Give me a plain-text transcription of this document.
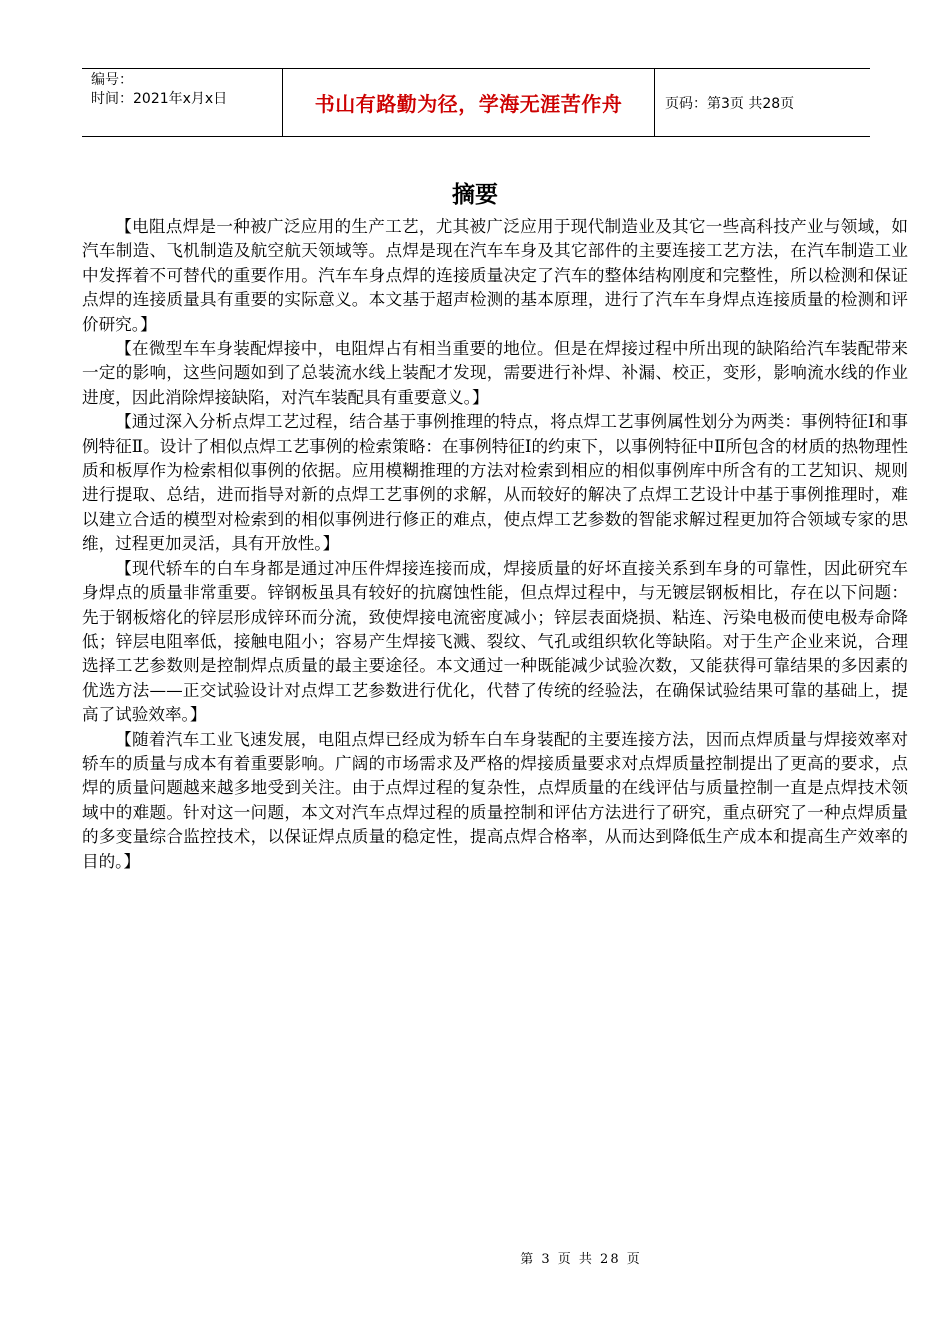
编号：
时间：2021年x月x日	书山有路勤为径，学海无涯苦作舟	页码：第3页 共28页
摘要

【电阻点焊是一种被广泛应用的生产工艺，尤其被广泛应用于现代制造业及其它一些高科技产业与领域，如汽车制造、飞机制造及航空航天领域等。点焊是现在汽车车身及其它部件的主要连接工艺方法，在汽车制造工业中发挥着不可替代的重要作用。汽车车身点焊的连接质量决定了汽车的整体结构刚度和完整性，所以检测和保证点焊的连接质量具有重要的实际意义。本文基于超声检测的基本原理，进行了汽车车身焊点连接质量的检测和评价研究。】

【在微型车车身装配焊接中，电阻焊占有相当重要的地位。但是在焊接过程中所出现的缺陷给汽车装配带来一定的影响，这些问题如到了总装流水线上装配才发现，需要进行补焊、补漏、校正，变形，影响流水线的作业进度，因此消除焊接缺陷，对汽车装配具有重要意义。】

【通过深入分析点焊工艺过程，结合基于事例推理的特点，将点焊工艺事例属性划分为两类：事例特征Ⅰ和事例特征Ⅱ。设计了相似点焊工艺事例的检索策略：在事例特征Ⅰ的约束下，以事例特征中Ⅱ所包含的材质的热物理性质和板厚作为检索相似事例的依据。应用模糊推理的方法对检索到相应的相似事例库中所含有的工艺知识、规则进行提取、总结，进而指导对新的点焊工艺事例的求解，从而较好的解决了点焊工艺设计中基于事例推理时，难以建立合适的模型对检索到的相似事例进行修正的难点，使点焊工艺参数的智能求解过程更加符合领域专家的思维，过程更加灵活，具有开放性。】

【现代轿车的白车身都是通过冲压件焊接连接而成，焊接质量的好坏直接关系到车身的可靠性，因此研究车身焊点的质量非常重要。锌钢板虽具有较好的抗腐蚀性能，但点焊过程中，与无镀层钢板相比，存在以下问题：先于钢板熔化的锌层形成锌环而分流，致使焊接电流密度减小；锌层表面烧损、粘连、污染电极而使电极寿命降低；锌层电阻率低，接触电阻小；容易产生焊接飞溅、裂纹、气孔或组织软化等缺陷。对于生产企业来说，合理选择工艺参数则是控制焊点质量的最主要途径。本文通过一种既能减少试验次数，又能获得可靠结果的多因素的优选方法——正交试验设计对点焊工艺参数进行优化，代替了传统的经验法，在确保试验结果可靠的基础上，提高了试验效率。】

【随着汽车工业飞速发展，电阻点焊已经成为轿车白车身装配的主要连接方法，因而点焊质量与焊接效率对轿车的质量与成本有着重要影响。广阔的市场需求及严格的焊接质量要求对点焊质量控制提出了更高的要求，点焊的质量问题越来越多地受到关注。由于点焊过程的复杂性，点焊质量的在线评估与质量控制一直是点焊技术领域中的难题。针对这一问题，本文对汽车点焊过程的质量控制和评估方法进行了研究，重点研究了一种点焊质量的多变量综合监控技术，以保证焊点质量的稳定性，提高点焊合格率，从而达到降低生产成本和提高生产效率的目的。】

第 3 页 共 28 页
